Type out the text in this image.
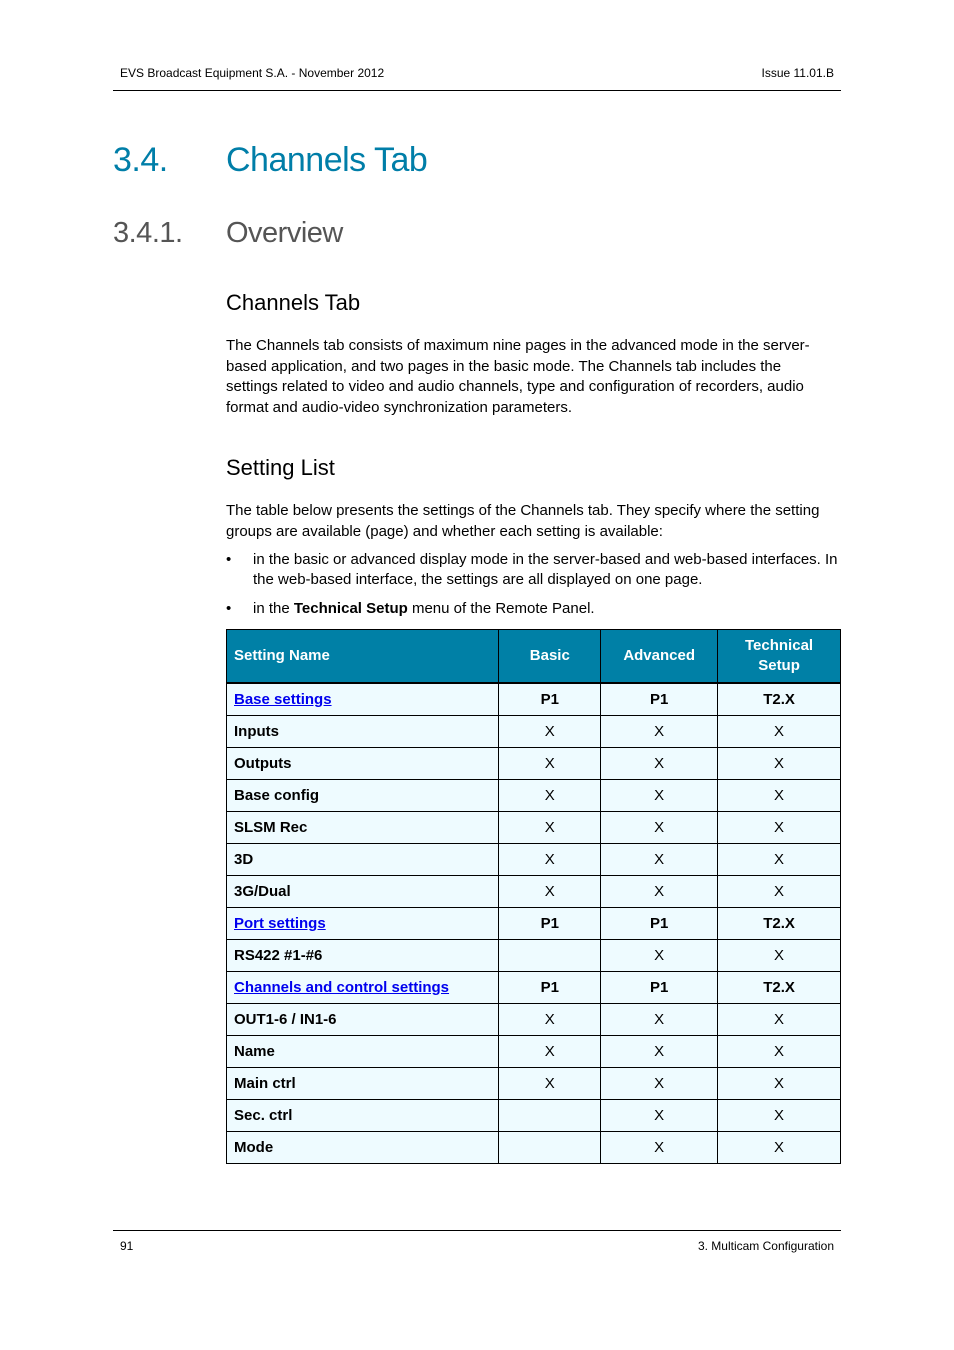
EVS Broadcast Equipment S.A. - November 2012	Issue 11.01.B
3.4. Channels Tab
3.4.1. Overview
Channels Tab
The Channels tab consists of maximum nine pages in the advanced mode in the server-based application, and two pages in the basic mode. The Channels tab includes the settings related to video and audio channels, type and configuration of recorders, audio format and audio-video synchronization parameters.
Setting List
The table below presents the settings of the Channels tab. They specify where the setting groups are available (page) and whether each setting is available:
• in the basic or advanced display mode in the server-based and web-based interfaces. In the web-based interface, the settings are all displayed on one page.
• in the Technical Setup menu of the Remote Panel.
Setting Name	Basic	Advanced	Technical Setup
Base settings	P1	P1	T2.X
Inputs	X	X	X
Outputs	X	X	X
Base config	X	X	X
SLSM Rec	X	X	X
3D	X	X	X
3G/Dual	X	X	X
Port settings	P1	P1	T2.X
RS422 #1-#6		X	X
Channels and control settings	P1	P1	T2.X
OUT1-6 / IN1-6	X	X	X
Name	X	X	X
Main ctrl	X	X	X
Sec. ctrl		X	X
Mode		X	X
91	3. Multicam Configuration
